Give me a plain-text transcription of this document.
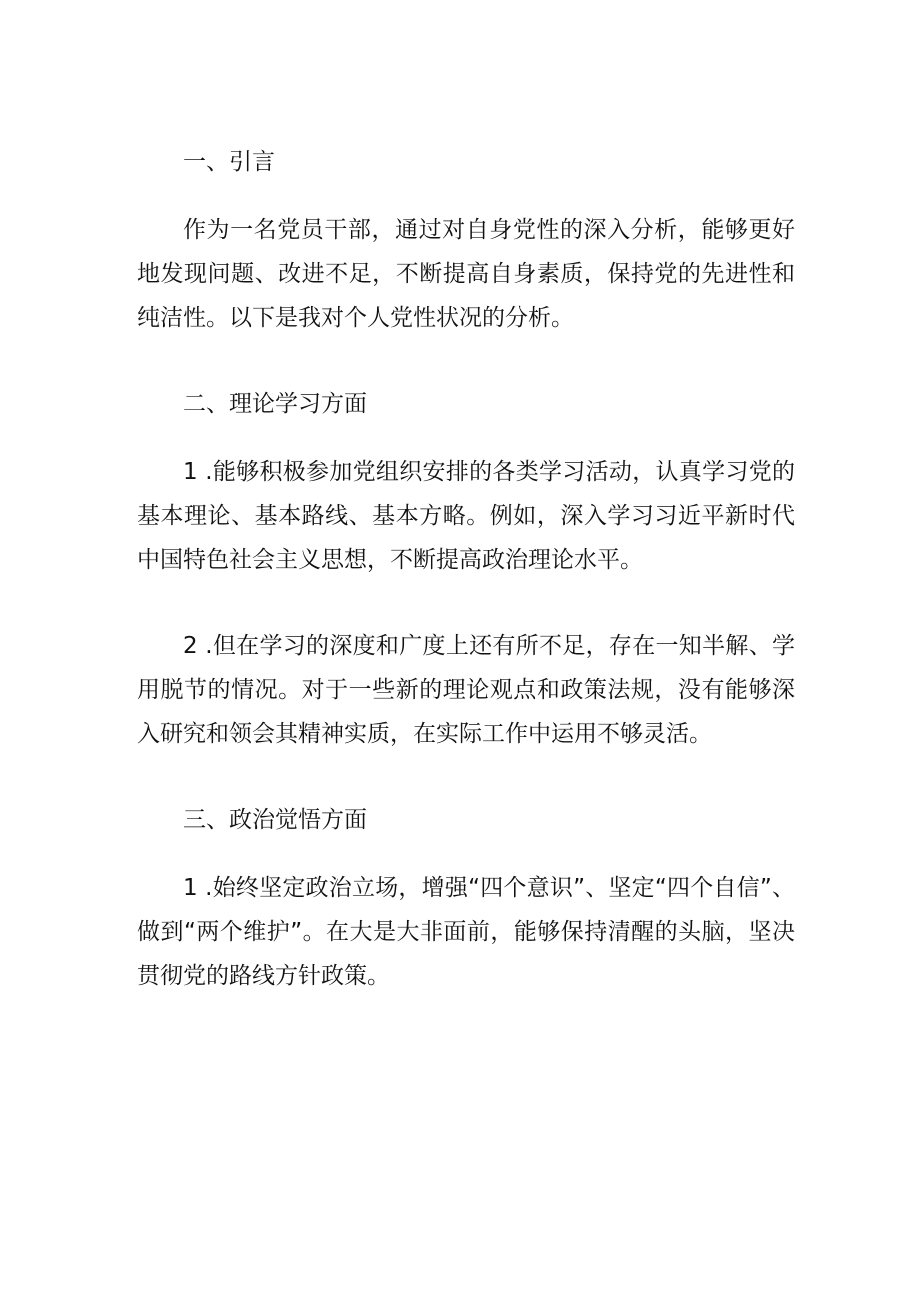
一、引言

作为一名党员干部，通过对自身党性的深入分析，能够更好地发现问题、改进不足，不断提高自身素质，保持党的先进性和纯洁性。以下是我对个人党性状况的分析。

二、理论学习方面

1 .能够积极参加党组织安排的各类学习活动，认真学习党的基本理论、基本路线、基本方略。例如，深入学习习近平新时代中国特色社会主义思想，不断提高政治理论水平。

2 .但在学习的深度和广度上还有所不足，存在一知半解、学用脱节的情况。对于一些新的理论观点和政策法规，没有能够深入研究和领会其精神实质，在实际工作中运用不够灵活。

三、政治觉悟方面

1 .始终坚定政治立场，增强“四个意识”、坚定“四个自信”、做到“两个维护”。在大是大非面前，能够保持清醒的头脑，坚决贯彻党的路线方针政策。
